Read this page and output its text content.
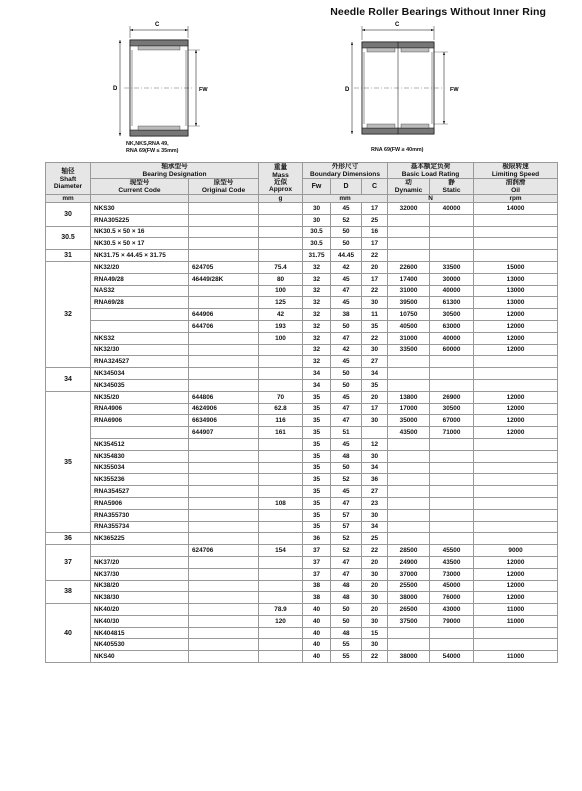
Needle Roller Bearings Without Inner Ring
C
D	FW
NK,NKS,RNA 49,
RNA 69(FW ≤ 35mm)
C
D	FW
RNA 69(FW ≥ 40mm)
轴径
Shaft
Diameter	轴承型号
Bearing Designation		重量
Mass
近似
Approx	外形尺寸
Boundary Dimensions			基本额定负荷
Basic Load Rating		极限转速
Limiting Speed

	现型号
Current Code	原型号
Original Code		Fw	D	C	动
Dynamic	静
Static	油润滑
Oil

mm			g	mm			N		rpm
30	NKS30			30	45	17	32000	40000	14000
	RNA305225			30	52	25			
30.5	NK30.5 × 50 × 16			30.5	50	16			
	NK30.5 × 50 × 17			30.5	50	17			
31	NK31.75 × 44.45 × 31.75			31.75	44.45	22			
32	NK32/20	624705	75.4	32	42	20	22600	33500	15000
	RNA49/28	46449/28K	80	32	45	17	17400	30000	13000
	NAS32		100	32	47	22	31000	40000	13000
	RNA69/28		125	32	45	30	39500	61300	13000
		644906	42	32	38	11	10750	30500	12000
		644706	193	32	50	35	40500	63000	12000
	NKS32		100	32	47	22	31000	40000	12000
	NK32/30			32	42	30	33500	60000	12000
	RNA324527			32	45	27			
34	NK345034			34	50	34			
	NK345035			34	50	35			
35	NK35/20	644806	70	35	45	20	13800	26900	12000
	RNA4906	4624906	62.8	35	47	17	17000	30500	12000
	RNA6906	6634906	116	35	47	30	35000	67000	12000
		644907	161	35	51		43500	71000	12000
	NK354512			35	45	12			
	NK354830			35	48	30			
	NK355034			35	50	34			
	NK355236			35	52	36			
	RNA354527			35	45	27			
	RNA5906		108	35	47	23			
	RNA355730			35	57	30			
	RNA355734			35	57	34			
36	NK365225			36	52	25			
37		624706	154	37	52	22	28500	45500	9000
	NK37/20			37	47	20	24900	43500	12000
	NK37/30			37	47	30	37000	73000	12000
38	NK38/20			38	48	20	25500	45000	12000
	NK38/30			38	48	30	38000	76000	12000
40	NK40/20		78.9	40	50	20	26500	43000	11000
	NK40/30		120	40	50	30	37500	79000	11000
	NK404815			40	48	15			
	NK405530			40	55	30			
	NKS40			40	55	22	38000	54000	11000
